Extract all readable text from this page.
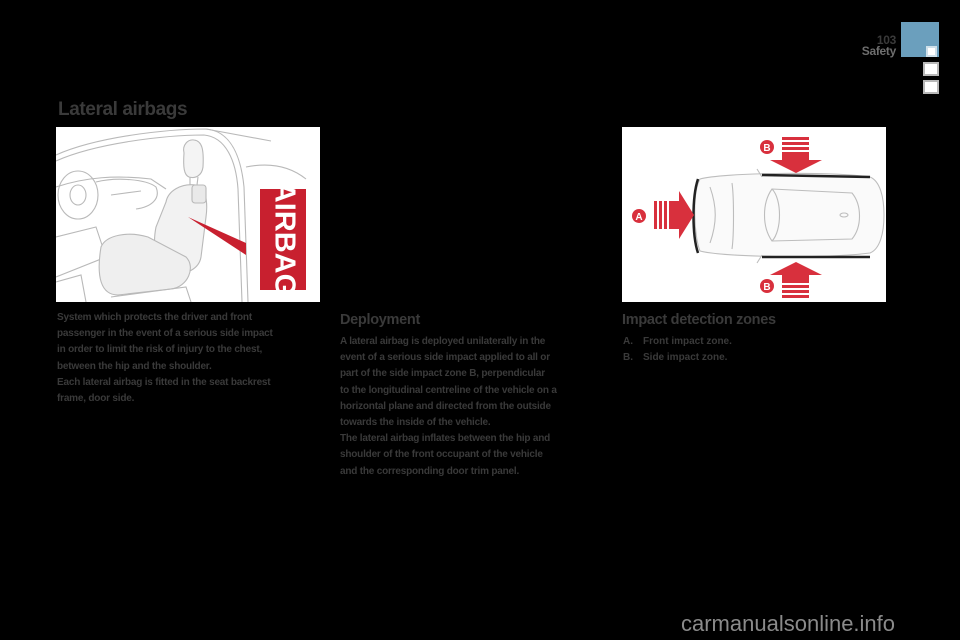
103
Safety
Lateral airbags
AIRBAG	A
B
B
System which protects the driver and front
passenger in the event of a serious side impact
in order to limit the risk of injury to the chest,
between the hip and the shoulder.
Each lateral airbag is fitted in the seat backrest
frame, door side.
Deployment
A lateral airbag is deployed unilaterally in the
event of a serious side impact applied to all or
part of the side impact zone B, perpendicular
to the longitudinal centreline of the vehicle on a
horizontal plane and directed from the outside
towards the inside of the vehicle.
The lateral airbag inflates between the hip and
shoulder of the front occupant of the vehicle
and the corresponding door trim panel.
Impact detection zones
A.	Front impact zone.
B.	Side impact zone.
carmanualsonline.info
